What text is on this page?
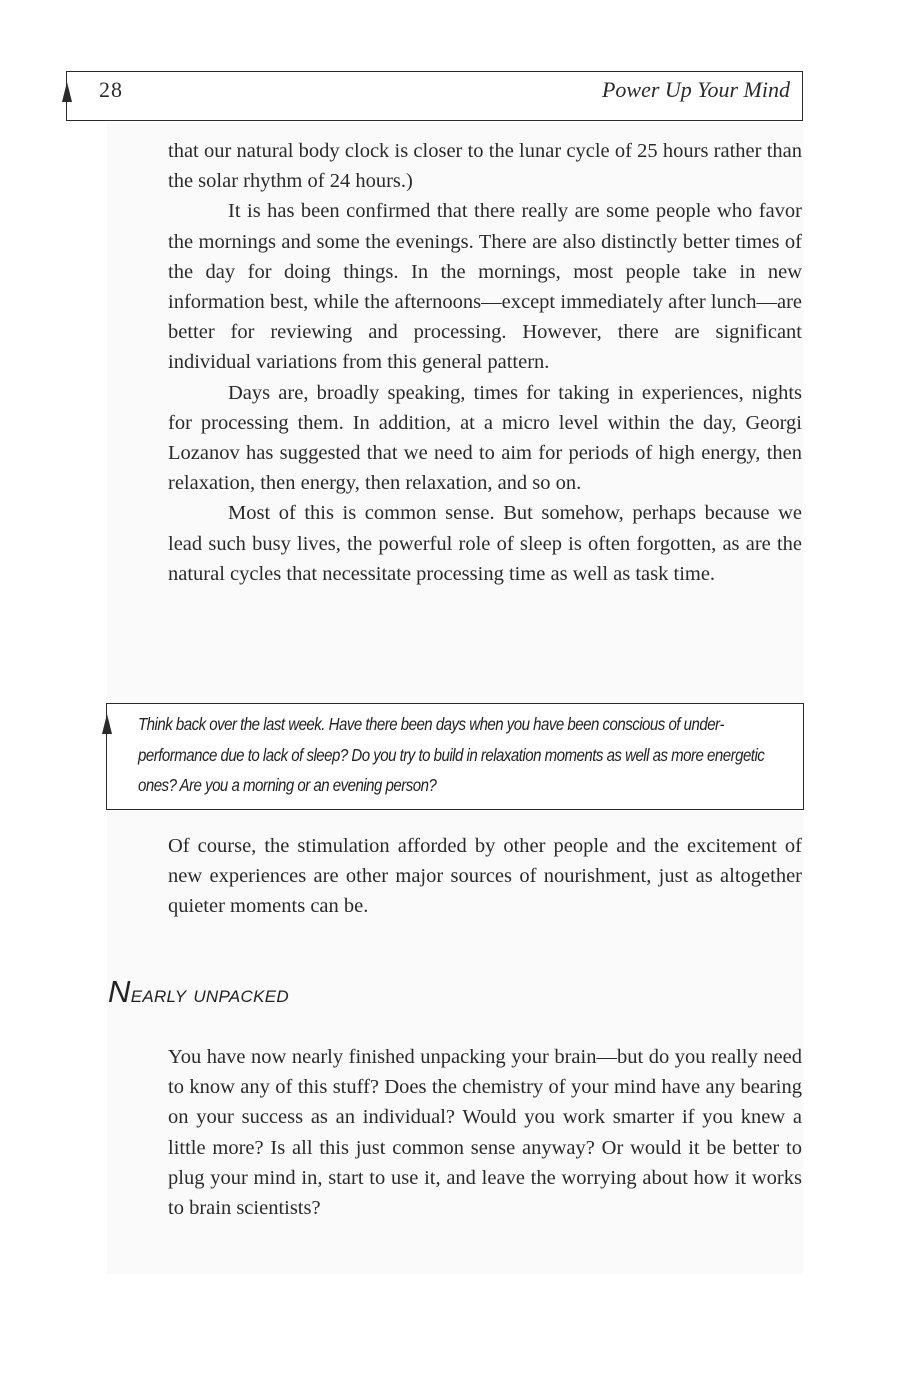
28	Power Up Your Mind

that our natural body clock is closer to the lunar cycle of 25 hours rather than the solar rhythm of 24 hours.)

It is has been confirmed that there really are some people who favor the mornings and some the evenings. There are also distinctly better times of the day for doing things. In the mornings, most people take in new information best, while the afternoons—except immediately after lunch—are better for reviewing and processing. However, there are significant individual variations from this general pattern.

Days are, broadly speaking, times for taking in experiences, nights for processing them. In addition, at a micro level within the day, Georgi Lozanov has suggested that we need to aim for periods of high energy, then relaxation, then energy, then relaxation, and so on.

Most of this is common sense. But somehow, perhaps because we lead such busy lives, the powerful role of sleep is often forgotten, as are the natural cycles that necessitate processing time as well as task time.

Think back over the last week. Have there been days when you have been conscious of underperformance due to lack of sleep? Do you try to build in relaxation moments as well as more energetic ones? Are you a morning or an evening person?

Of course, the stimulation afforded by other people and the excitement of new experiences are other major sources of nourishment, just as altogether quieter moments can be.

Nearly unpacked

You have now nearly finished unpacking your brain—but do you really need to know any of this stuff? Does the chemistry of your mind have any bearing on your success as an individual? Would you work smarter if you knew a little more? Is all this just common sense anyway? Or would it be better to plug your mind in, start to use it, and leave the worrying about how it works to brain scientists?
